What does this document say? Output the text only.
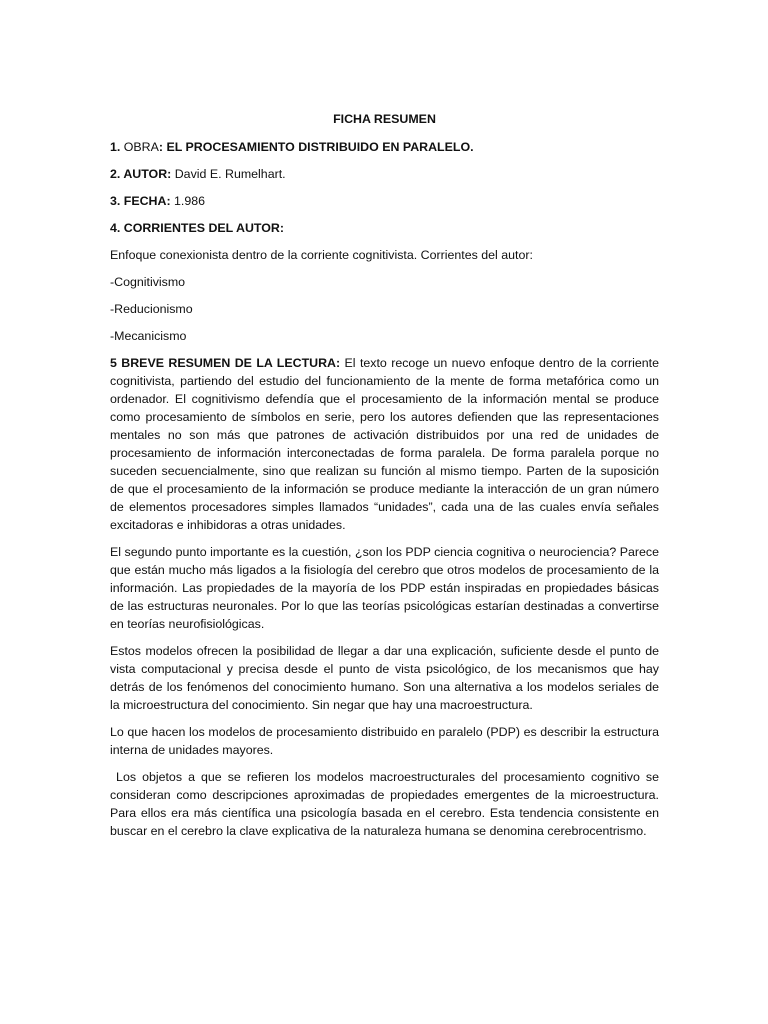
FICHA RESUMEN

1. OBRA: EL PROCESAMIENTO DISTRIBUIDO EN PARALELO.

2. AUTOR: David E. Rumelhart.

3. FECHA: 1.986

4. CORRIENTES DEL AUTOR:

Enfoque conexionista dentro de la corriente cognitivista. Corrientes del autor:

-Cognitivismo

-Reducionismo

-Mecanicismo

5 BREVE RESUMEN DE LA LECTURA: El texto recoge un nuevo enfoque dentro de la corriente cognitivista, partiendo del estudio del funcionamiento de la mente de forma metafórica como un ordenador. El cognitivismo defendía que el procesamiento de la información mental se produce como procesamiento de símbolos en serie, pero los autores defienden que las representaciones mentales no son más que patrones de activación distribuidos por una red de unidades de procesamiento de información interconectadas de forma paralela. De forma paralela porque no suceden secuencialmente, sino que realizan su función al mismo tiempo. Parten de la suposición de que el procesamiento de la información se produce mediante la interacción de un gran número de elementos procesadores simples llamados “unidades”, cada una de las cuales envía señales excitadoras e inhibidoras a otras unidades.

El segundo punto importante es la cuestión, ¿son los PDP ciencia cognitiva o neurociencia? Parece que están mucho más ligados a la fisiología del cerebro que otros modelos de procesamiento de la información. Las propiedades de la mayoría de los PDP están inspiradas en propiedades básicas de las estructuras neuronales. Por lo que las teorías psicológicas estarían destinadas a convertirse en teorías neurofisiológicas.

Estos modelos ofrecen la posibilidad de llegar a dar una explicación, suficiente desde el punto de vista computacional y precisa desde el punto de vista psicológico, de los mecanismos que hay detrás de los fenómenos del conocimiento humano. Son una alternativa a los modelos seriales de la microestructura del conocimiento. Sin negar que hay una macroestructura.

Lo que hacen los modelos de procesamiento distribuido en paralelo (PDP) es describir la estructura interna de unidades mayores.

Los objetos a que se refieren los modelos macroestructurales del procesamiento cognitivo se consideran como descripciones aproximadas de propiedades emergentes de la microestructura. Para ellos era más científica una psicología basada en el cerebro. Esta tendencia consistente en buscar en el cerebro la clave explicativa de la naturaleza humana se denomina cerebrocentrismo.
